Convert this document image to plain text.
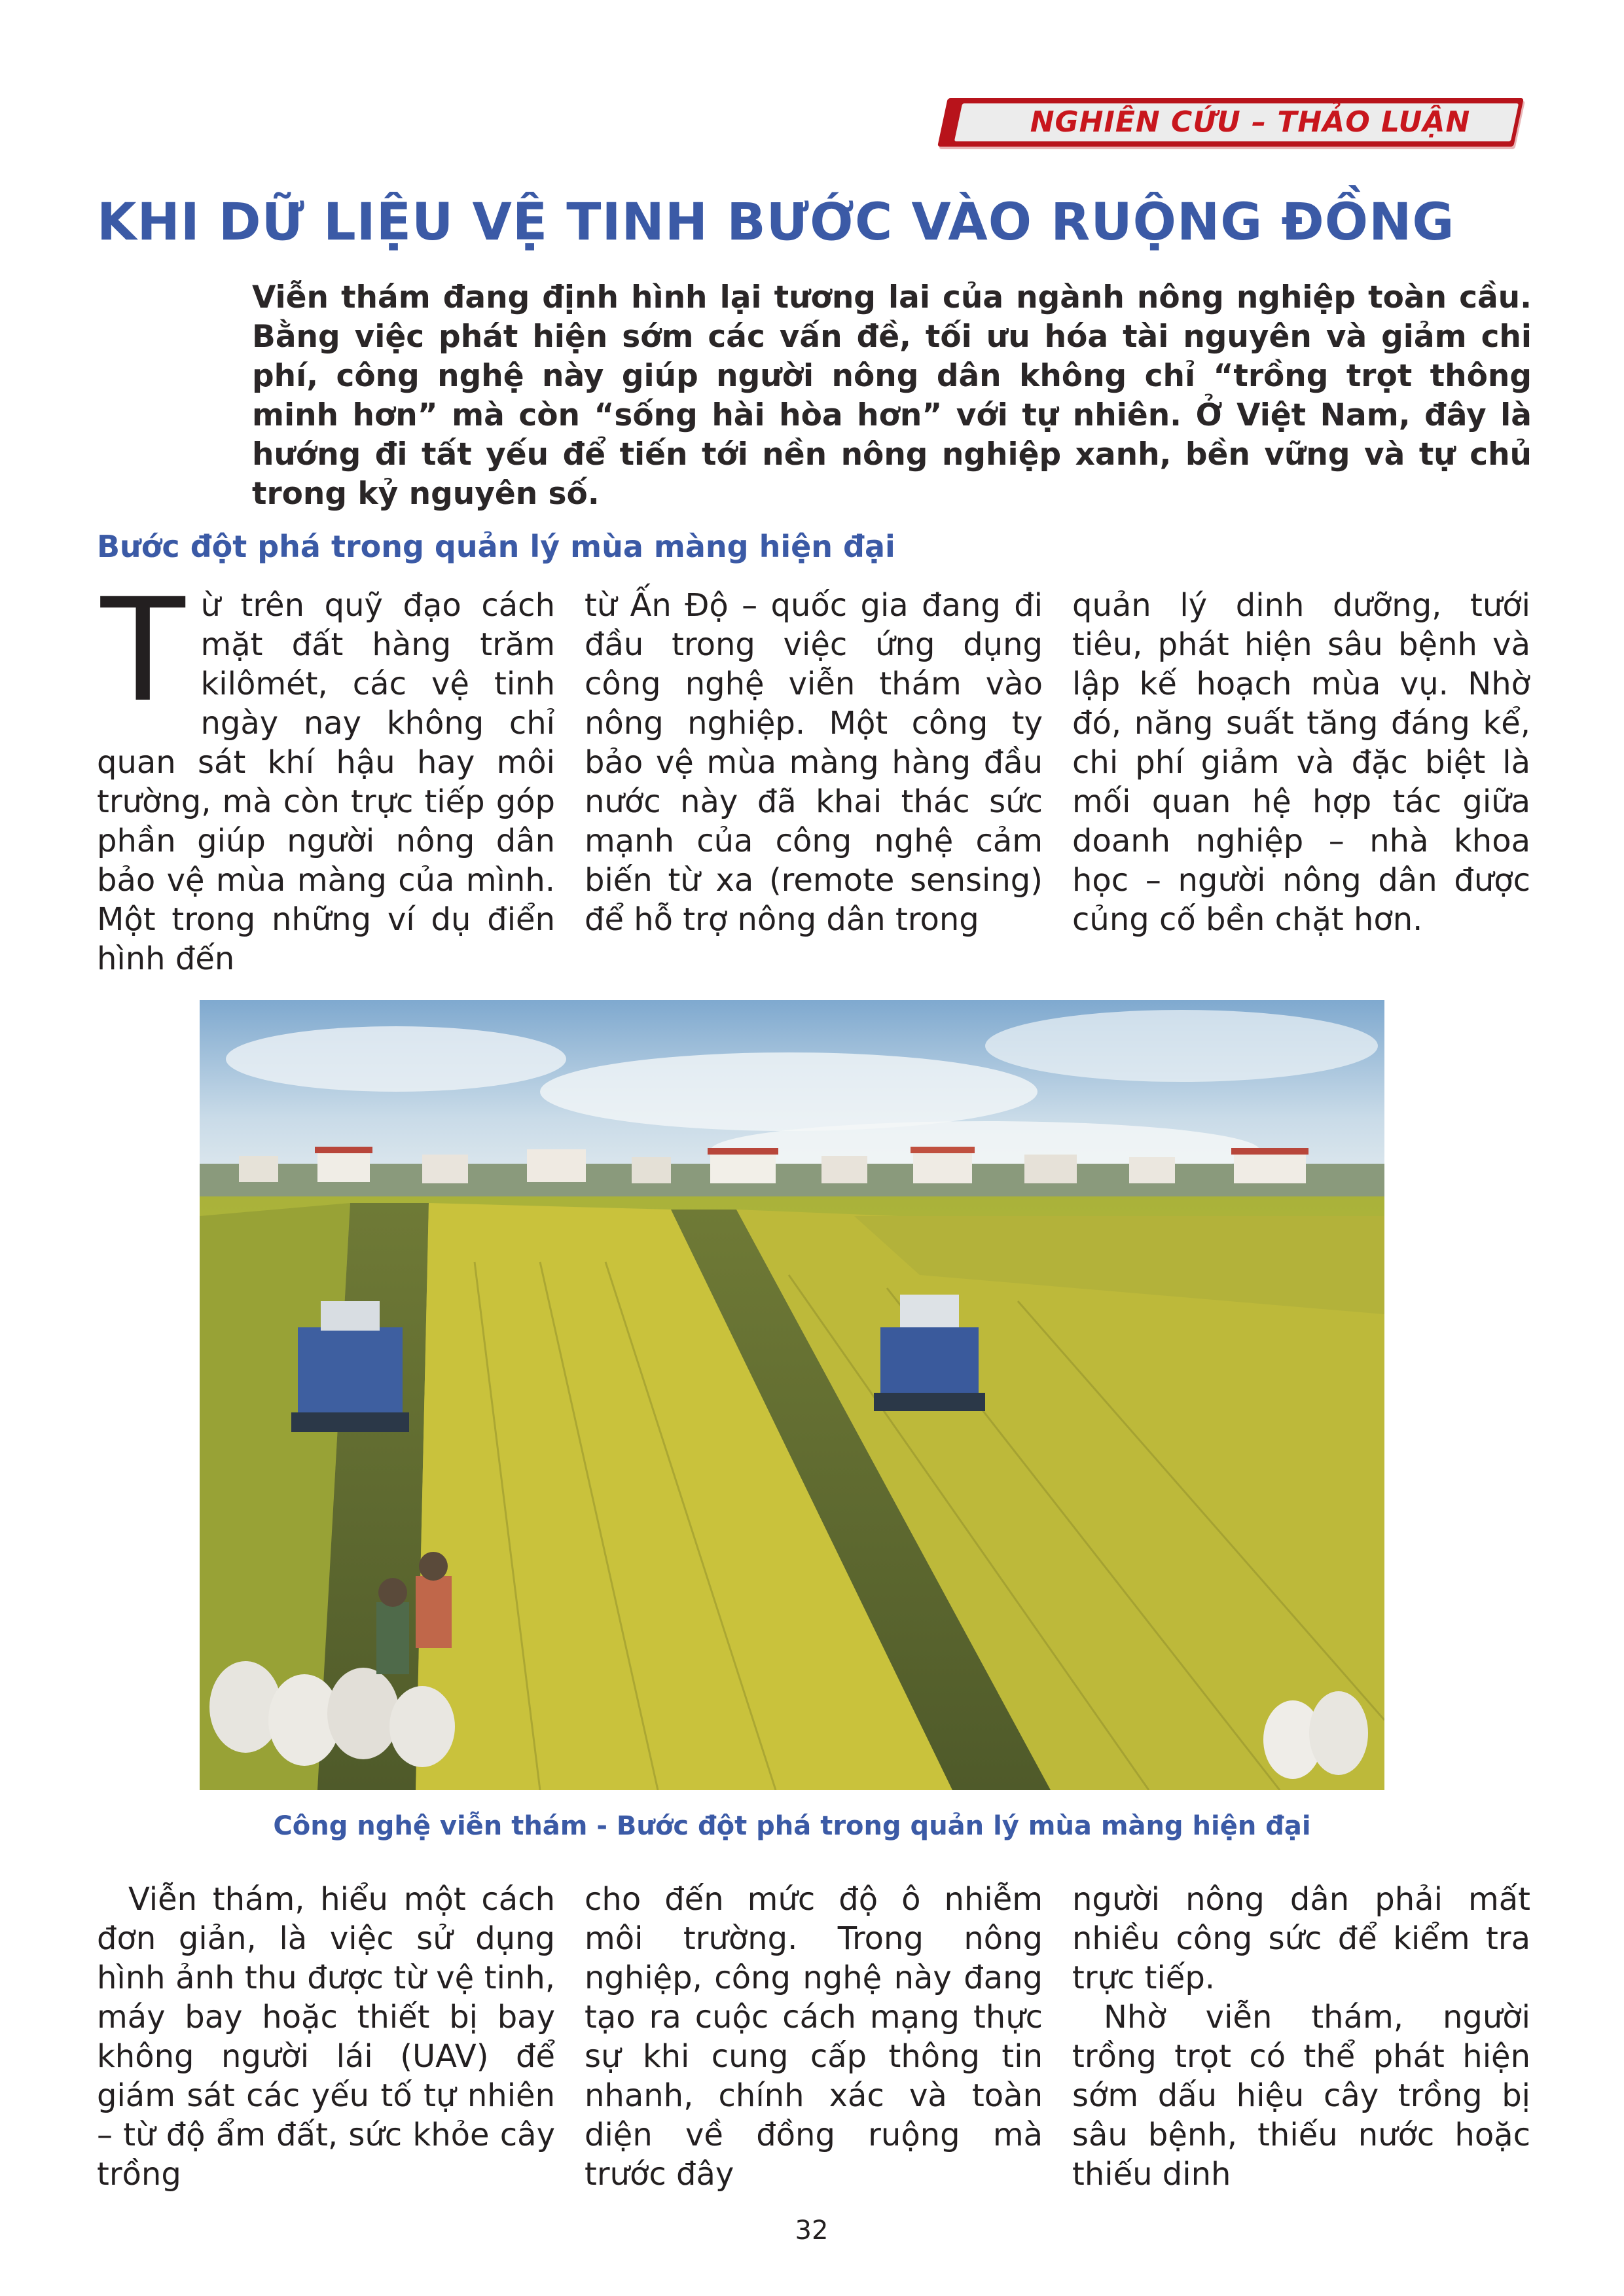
NGHIÊN CỨU – THẢO LUẬN
KHI DỮ LIỆU VỆ TINH BƯỚC VÀO RUỘNG ĐỒNG

Viễn thám đang định hình lại tương lai của ngành nông nghiệp toàn cầu. Bằng việc phát hiện sớm các vấn đề, tối ưu hóa tài nguyên và giảm chi phí, công nghệ này giúp người nông dân không chỉ “trồng trọt thông minh hơn” mà còn “sống hài hòa hơn” với tự nhiên. Ở Việt Nam, đây là hướng đi tất yếu để tiến tới nền nông nghiệp xanh, bền vững và tự chủ trong kỷ nguyên số.

Bước đột phá trong quản lý mùa màng hiện đại

Từ trên quỹ đạo cách mặt đất hàng trăm kilômét, các vệ tinh ngày nay không chỉ quan sát khí hậu hay môi trường, mà còn trực tiếp góp phần giúp người nông dân bảo vệ mùa màng của mình. Một trong những ví dụ điển hình đến

từ Ấn Độ – quốc gia đang đi đầu trong việc ứng dụng công nghệ viễn thám vào nông nghiệp. Một công ty bảo vệ mùa màng hàng đầu nước này đã khai thác sức mạnh của công nghệ cảm biến từ xa (remote sensing) để hỗ trợ nông dân trong

quản lý dinh dưỡng, tưới tiêu, phát hiện sâu bệnh và lập kế hoạch mùa vụ. Nhờ đó, năng suất tăng đáng kể, chi phí giảm và đặc biệt là mối quan hệ hợp tác giữa doanh nghiệp – nhà khoa học – người nông dân được củng cố bền chặt hơn.

Công nghệ viễn thám - Bước đột phá trong quản lý mùa màng hiện đại

Viễn thám, hiểu một cách đơn giản, là việc sử dụng hình ảnh thu được từ vệ tinh, máy bay hoặc thiết bị bay không người lái (UAV) để giám sát các yếu tố tự nhiên – từ độ ẩm đất, sức khỏe cây trồng

cho đến mức độ ô nhiễm môi trường. Trong nông nghiệp, công nghệ này đang tạo ra cuộc cách mạng thực sự khi cung cấp thông tin nhanh, chính xác và toàn diện về đồng ruộng mà trước đây

người nông dân phải mất nhiều công sức để kiểm tra trực tiếp.

Nhờ viễn thám, người trồng trọt có thể phát hiện sớm dấu hiệu cây trồng bị sâu bệnh, thiếu nước hoặc thiếu dinh

32
